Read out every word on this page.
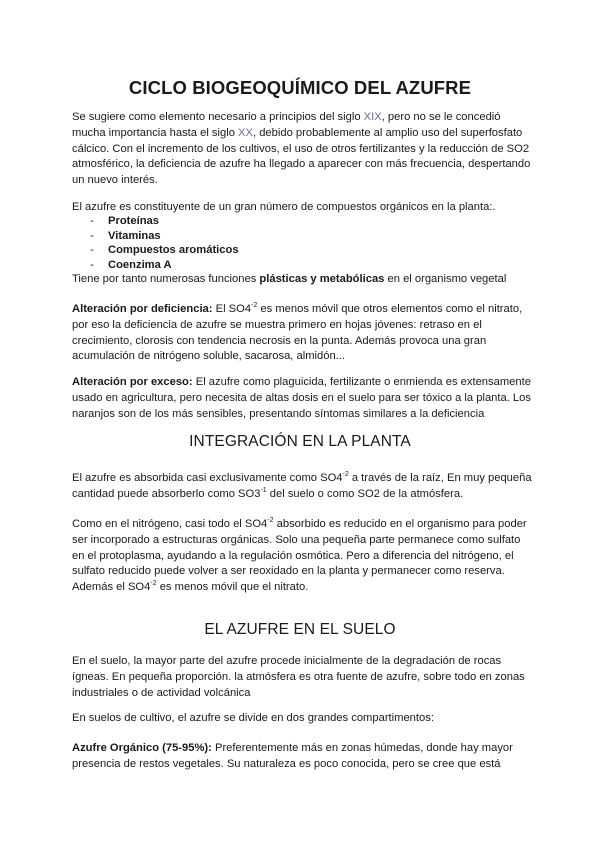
CICLO BIOGEOQUÍMICO DEL AZUFRE

Se sugiere como elemento necesario a principios del siglo XIX, pero no se le concedió mucha importancia hasta el siglo XX, debido probablemente al amplio uso del superfosfato cálcico. Con el incremento de los cultivos, el uso de otros fertilizantes y la reducción de SO2 atmosférico, la deficiencia de azufre ha llegado a aparecer con más frecuencia, despertando un nuevo interés.

El azufre es constituyente de un gran número de compuestos orgánicos en la planta:.

- Proteínas
- Vitaminas
- Compuestos aromáticos
- Coenzima A

Tiene por tanto numerosas funciones plásticas y metabólicas en el organismo vegetal

Alteración por deficiencia: El $SO4^{-2}$ es menos móvil que otros elementos como el nitrato, por eso la deficiencia de azufre se muestra primero en hojas jóvenes: retraso en el crecimiento, clorosis con tendencia necrosis en la punta. Además provoca una gran acumulación de nitrógeno soluble, sacarosa, almidón...

Alteración por exceso: El azufre como plaguicida, fertilizante o enmienda es extensamente usado en agricultura, pero necesita de altas dosis en el suelo para ser tóxico a la planta. Los naranjos son de los más sensibles, presentando síntomas similares a la deficiencia

INTEGRACIÓN EN LA PLANTA

El azufre es absorbida casi exclusivamente como $SO4^{-2}$ a través de la raíz, En muy pequeña cantidad puede absorberlo como $SO3^{-1}$ del suelo o como SO2 de la atmósfera.

Como en el nitrógeno, casi todo el $SO4^{-2}$ absorbido es reducido en el organismo para poder ser incorporado a estructuras orgánicas. Solo una pequeña parte permanece como sulfato en el protoplasma, ayudando a la regulación osmótica. Pero a diferencia del nitrógeno, el sulfato reducido puede volver a ser reoxidado en la planta y permanecer como reserva. Además el $SO4^{-2}$ es menos móvil que el nitrato.

EL AZUFRE EN EL SUELO

En el suelo, la mayor parte del azufre procede inicialmente de la degradación de rocas ígneas. En pequeña proporción. la atmósfera es otra fuente de azufre, sobre todo en zonas industriales o de actividad volcánica

En suelos de cultivo, el azufre se divide en dos grandes compartimentos:

Azufre Orgánico (75-95%): Preferentemente más en zonas húmedas, donde hay mayor presencia de restos vegetales. Su naturaleza es poco conocida, pero se cree que está
